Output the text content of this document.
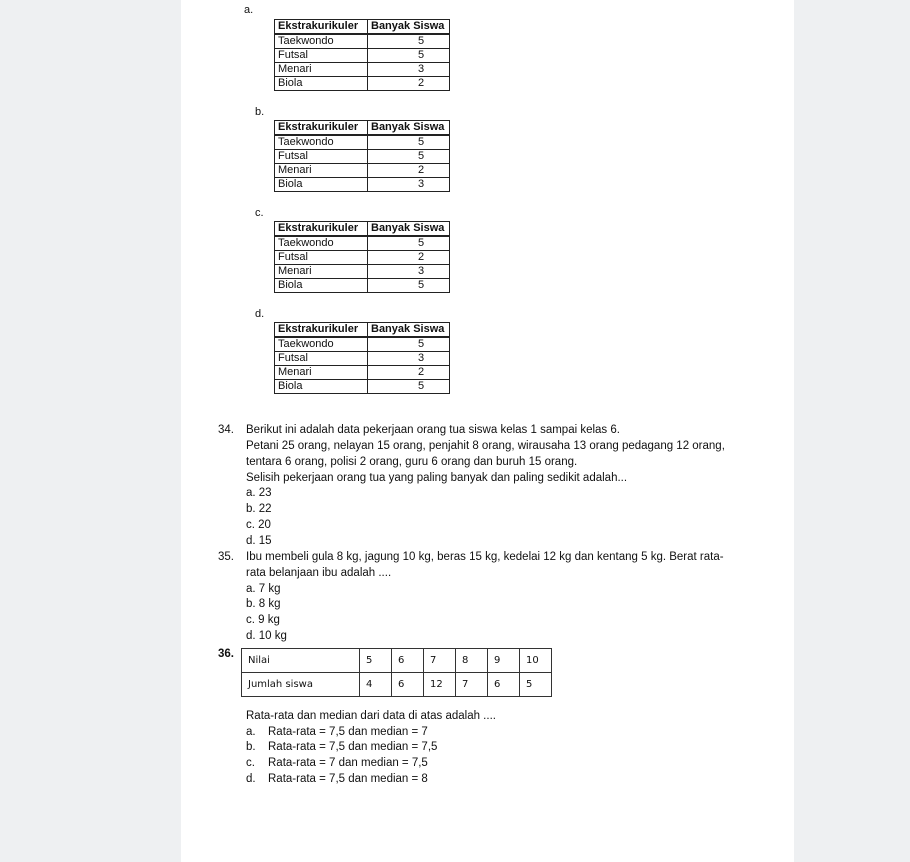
a.
Ekstrakurikuler	Banyak Siswa
Taekwondo	5
Futsal	5
Menari	3
Biola	2
b.
Ekstrakurikuler	Banyak Siswa
Taekwondo	5
Futsal	5
Menari	2
Biola	3
c.
Ekstrakurikuler	Banyak Siswa
Taekwondo	5
Futsal	2
Menari	3
Biola	5
d.
Ekstrakurikuler	Banyak Siswa
Taekwondo	5
Futsal	3
Menari	2
Biola	5
34. Berikut ini adalah data pekerjaan orang tua siswa kelas 1 sampai kelas 6.
Petani 25 orang, nelayan 15 orang, penjahit 8 orang, wirausaha 13 orang pedagang 12 orang,
tentara 6 orang, polisi 2 orang, guru 6 orang dan buruh 15 orang.
Selisih pekerjaan orang tua yang paling banyak dan paling sedikit adalah...
a. 23
b. 22
c. 20
d. 15
35. Ibu membeli gula 8 kg, jagung 10 kg, beras 15 kg, kedelai 12 kg dan kentang 5 kg. Berat rata-
rata belanjaan ibu adalah ....
a. 7 kg
b. 8 kg
c. 9 kg
d. 10 kg
36.
Nilai	5	6	7	8	9	10
Jumlah siswa	4	6	12	7	6	5
Rata-rata dan median dari data di atas adalah ....
a. Rata-rata = 7,5 dan median = 7
b. Rata-rata = 7,5 dan median = 7,5
c. Rata-rata = 7 dan median = 7,5
d. Rata-rata = 7,5 dan median = 8
